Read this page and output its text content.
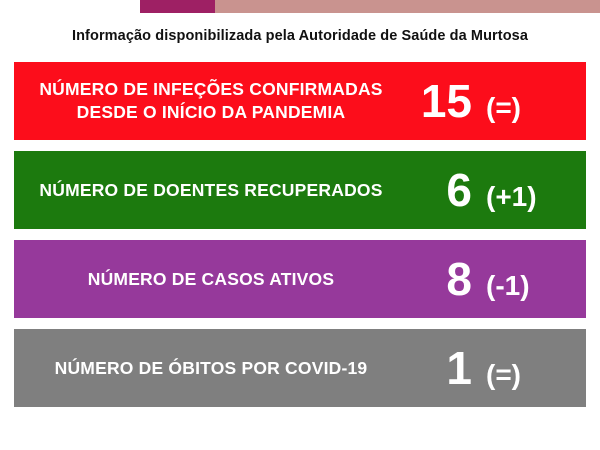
Informação disponibilizada pela Autoridade de Saúde da Murtosa
NÚMERO DE INFEÇÕES CONFIRMADAS
DESDE O INÍCIO DA PANDEMIA	15 (=)
NÚMERO DE DOENTES RECUPERADOS	6 (+1)
NÚMERO DE CASOS ATIVOS	8 (-1)
NÚMERO DE ÓBITOS POR COVID-19	1 (=)
